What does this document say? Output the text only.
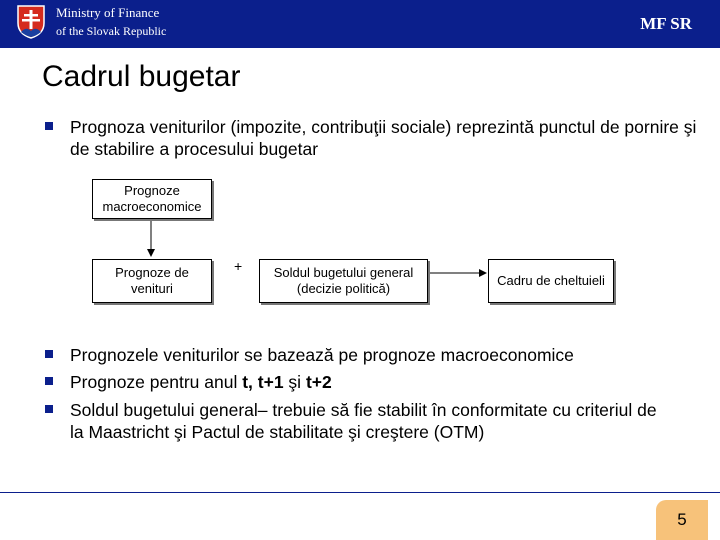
Ministry of Finance
of the Slovak Republic	MF SR
Cadrul bugetar
Prognoza veniturilor (impozite, contribuţii sociale) reprezintă punctul de pornire şi de stabilire a procesului bugetar
Prognoze macroeconomice
Prognoze de venituri
+	Soldul bugetului general (decizie politică)
Cadru de cheltuieli
Prognozele veniturilor se bazează pe prognoze macroeconomice
Prognoze pentru anul t, t+1 şi t+2
Soldul bugetului general– trebuie să fie stabilit în conformitate cu criteriul de la Maastricht şi Pactul de stabilitate şi creştere (OTM)
5
